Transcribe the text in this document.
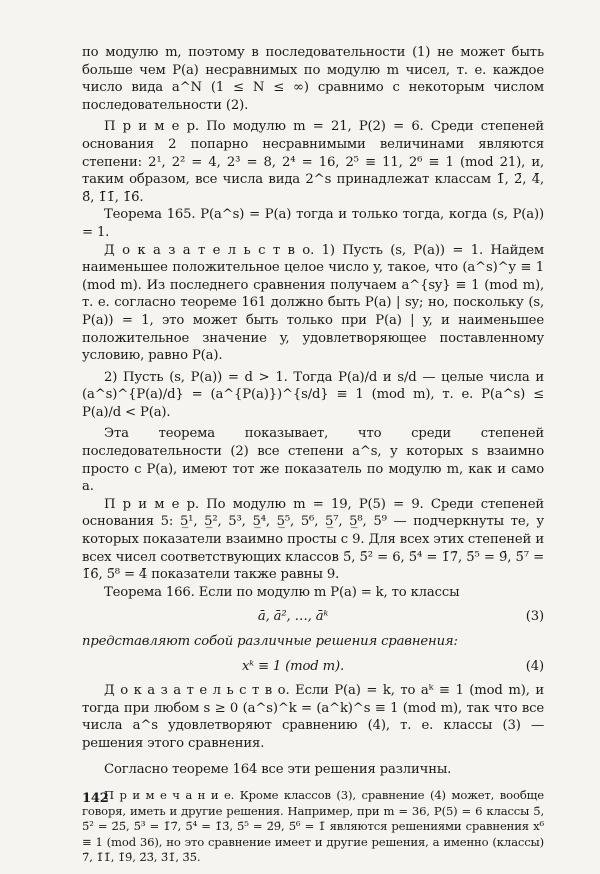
по модулю m, поэтому в последовательности (1) не может быть больше чем P(a) несравнимых по модулю m чисел, т. е. каждое число вида a^N (1 ≤ N ≤ ∞) сравнимо с некоторым числом последовательности (2).

П р и м е р. По модулю m = 21, P(2) = 6. Среди степеней основания 2 попарно несравнимыми величинами являются степени: 2¹, 2² = 4, 2³ = 8, 2⁴ = 16, 2⁵ ≡ 11, 2⁶ ≡ 1 (mod 21), и, таким образом, все числа вида 2^s принадлежат классам 1̄, 2̄, 4̄, 8̄, 1̄1̄, 1̄6̄.

Теорема 165. P(a^s) = P(a) тогда и только тогда, когда (s, P(a)) = 1.

Д о к а з а т е л ь с т в о. 1) Пусть (s, P(a)) = 1. Найдем наименьшее положительное целое число y, такое, что (a^s)^y ≡ 1 (mod m). Из последнего сравнения получаем a^{sy} ≡ 1 (mod m), т. е. согласно теореме 161 должно быть P(a) | sy; но, поскольку (s, P(a)) = 1, это может быть только при P(a) | y, и наименьшее положительное значение y, удовлетворяющее поставленному условию, равно P(a).

2) Пусть (s, P(a)) = d > 1. Тогда P(a)/d и s/d — целые числа и (a^s)^{P(a)/d} = (a^{P(a)})^{s/d} ≡ 1 (mod m), т. е. P(a^s) ≤ P(a)/d < P(a).

Эта теорема показывает, что среди степеней последовательности (2) все степени a^s, у которых s взаимно просто с P(a), имеют тот же показатель по модулю m, как и само a.

П р и м е р. По модулю m = 19, P(5) = 9. Среди степеней основания 5: 5̲¹, 5̲², 5³, 5̲⁴, 5̲⁵, 5⁶, 5̲⁷, 5̲⁸, 5⁹ — подчеркнуты те, у которых показатели взаимно просты с 9. Для всех этих степеней и всех чисел соответствующих классов 5̄, 5̄² = 6, 5̄⁴ = 1̄7̄, 5̄⁵ = 9̄, 5̄⁷ = 1̄6̄, 5̄⁸ = 4̄ показатели также равны 9.

Теорема 166. Если по модулю m P(a) = k, то классы

ā, ā², …, āᵏ	(3)

представляют собой различные решения сравнения:

xᵏ ≡ 1 (mod m).	(4)

Д о к а з а т е л ь с т в о. Если P(a) = k, то aᵏ ≡ 1 (mod m), и тогда при любом s ≥ 0 (a^s)^k = (a^k)^s ≡ 1 (mod m), так что все числа a^s удовлетворяют сравнению (4), т. е. классы (3) — решения этого сравнения.

Согласно теореме 164 все эти решения различны.

П р и м е ч а н и е. Кроме классов (3), сравнение (4) может, вообще говоря, иметь и другие решения. Например, при m = 36, P(5) = 6 классы 5̄, 5̄² = 2̄5̄, 5̄³ = 1̄7̄, 5̄⁴ = 1̄3̄, 5̄⁵ = 2̄9̄, 5̄⁶ = 1̄ являются решениями сравнения x⁶ ≡ 1 (mod 36), но это сравнение имеет и другие решения, а именно (классы) 7̄, 1̄1̄, 1̄9̄, 2̄3̄, 3̄1̄, 3̄5̄.

142
